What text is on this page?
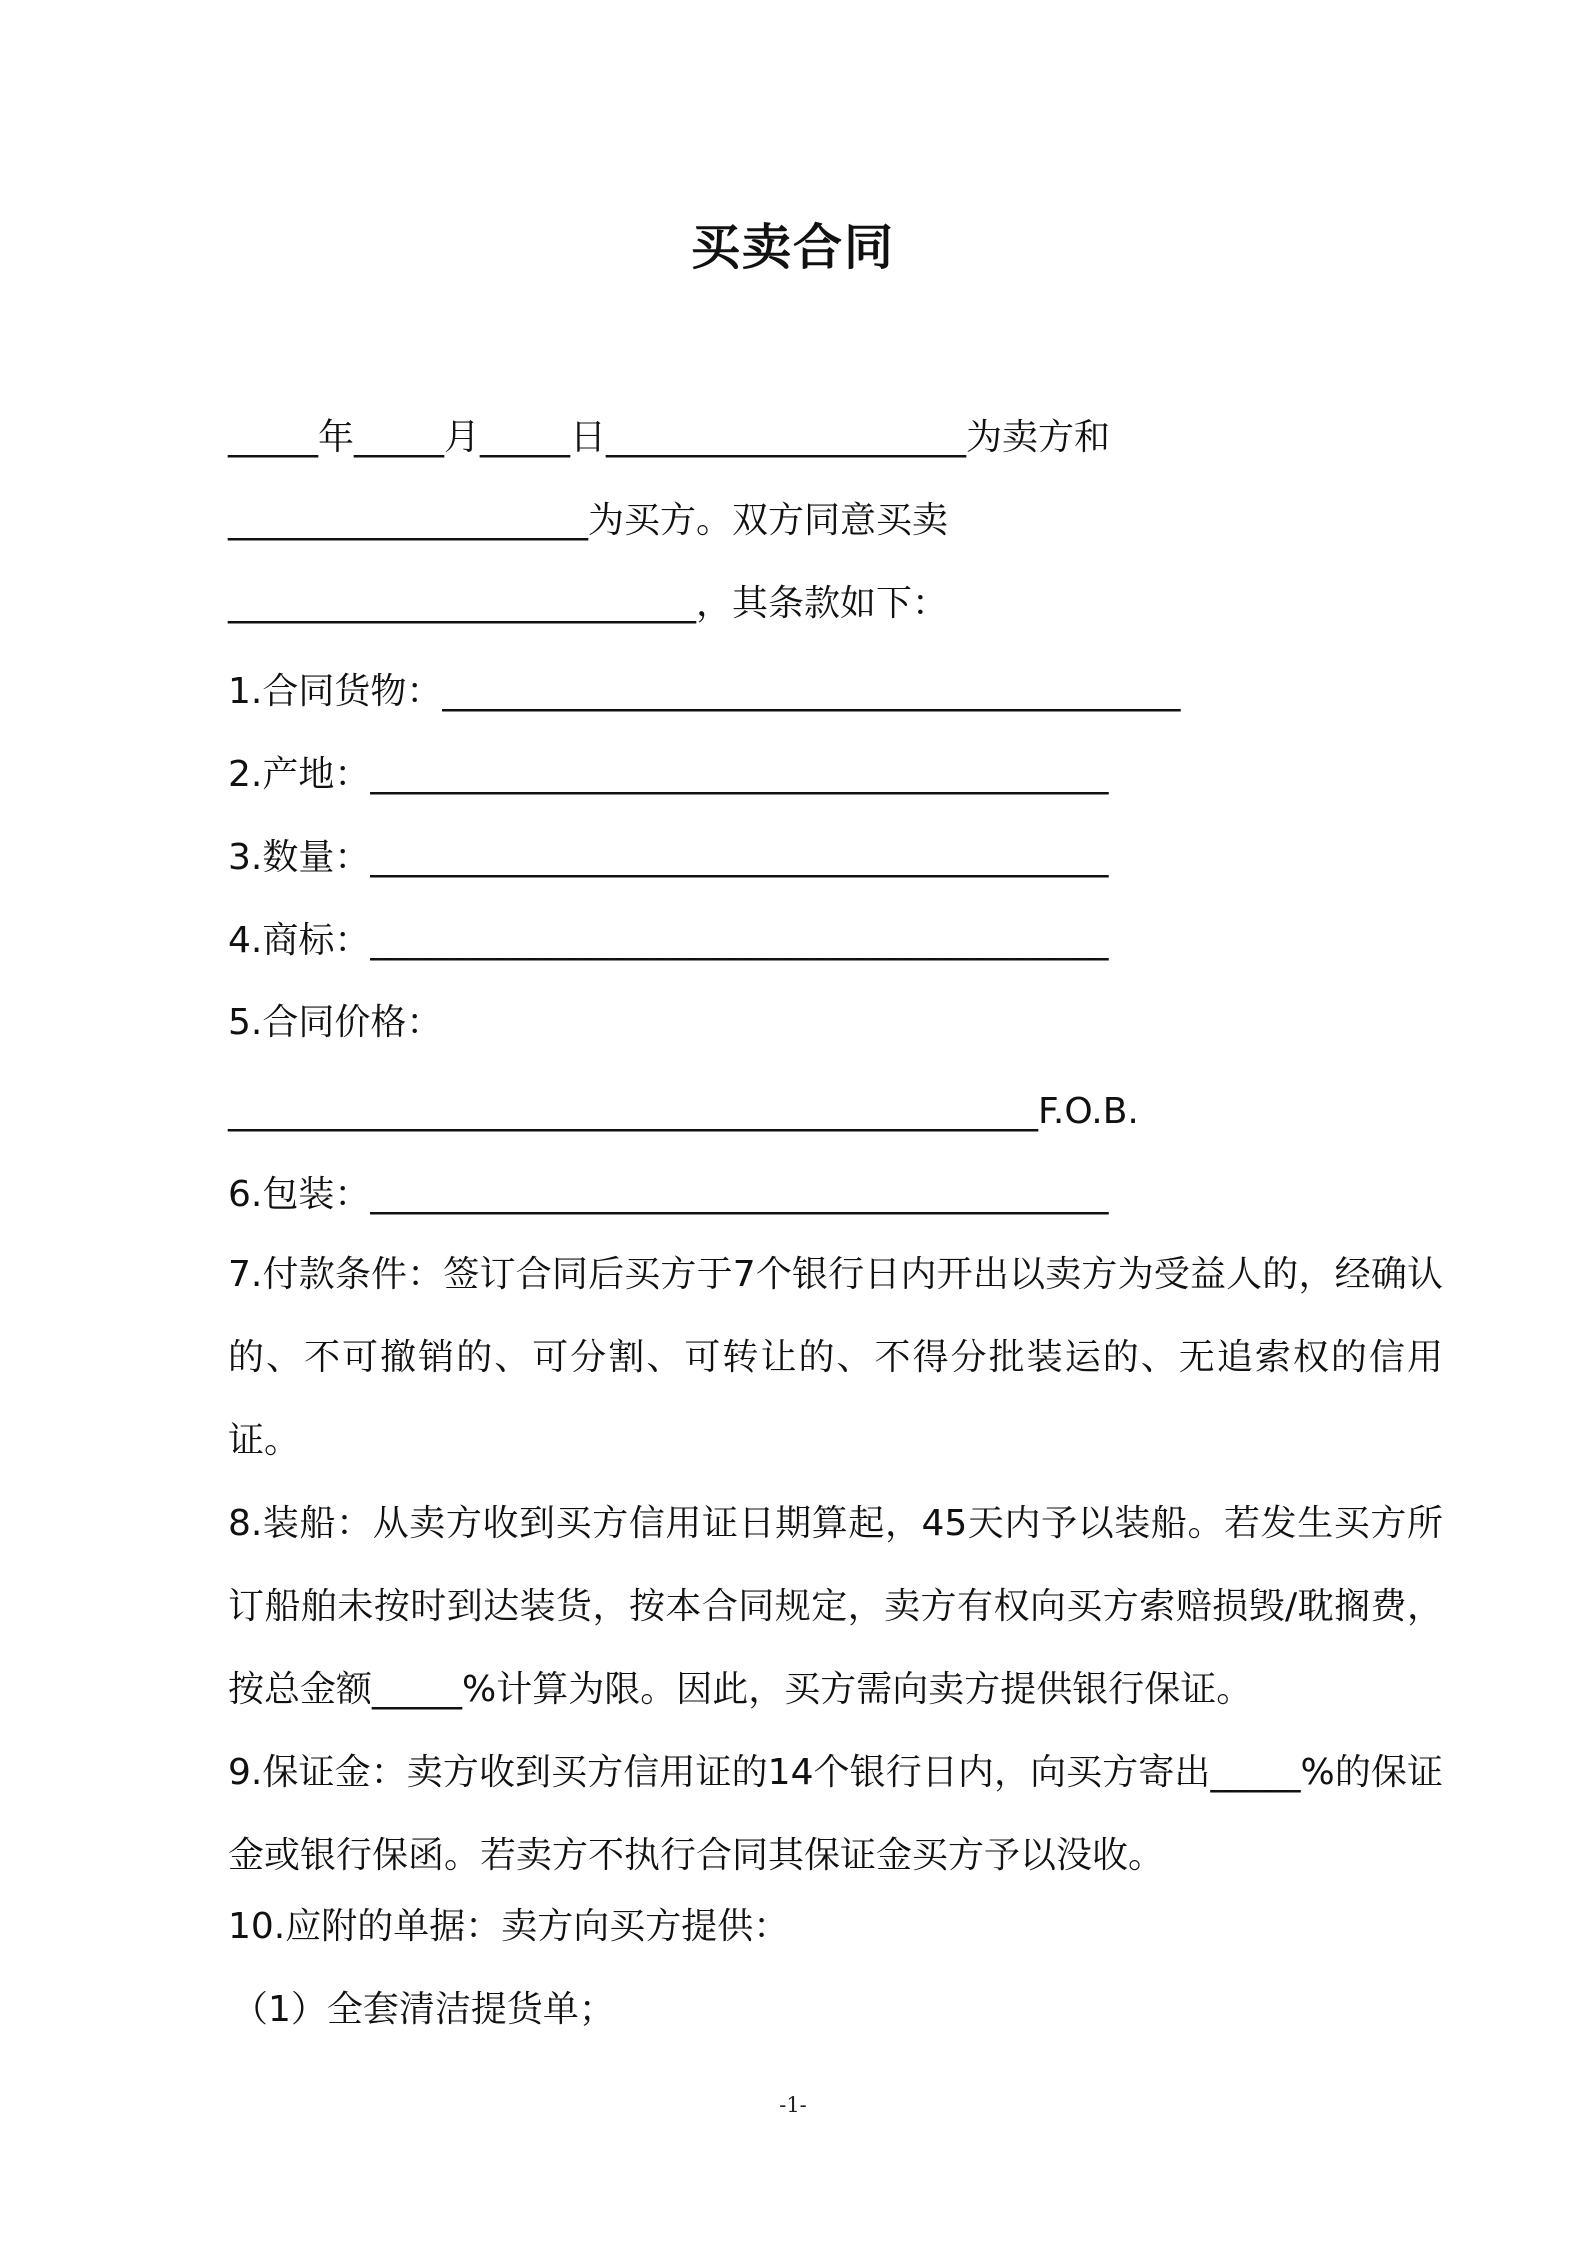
买卖合同
_____年_____月_____日____________________为卖方和
____________________为买方。双方同意买卖
__________________________，其条款如下：
1.合同货物：_________________________________________
2.产地：_________________________________________
3.数量：_________________________________________
4.商标：_________________________________________
5.合同价格：
_____________________________________________F.O.B.
6.包装：_________________________________________
7.付款条件：签订合同后买方于7个银行日内开出以卖方为受益人的，经确认的、不可撤销的、可分割、可转让的、不得分批装运的、无追索权的信用证。
8.装船：从卖方收到买方信用证日期算起，45天内予以装船。若发生买方所订船舶未按时到达装货，按本合同规定，卖方有权向买方索赔损毁/耽搁费，按总金额_____%计算为限。因此，买方需向卖方提供银行保证。
9.保证金：卖方收到买方信用证的14个银行日内，向买方寄出_____%的保证金或银行保函。若卖方不执行合同其保证金买方予以没收。
10.应附的单据：卖方向买方提供：
（1）全套清洁提货单；
-1-
